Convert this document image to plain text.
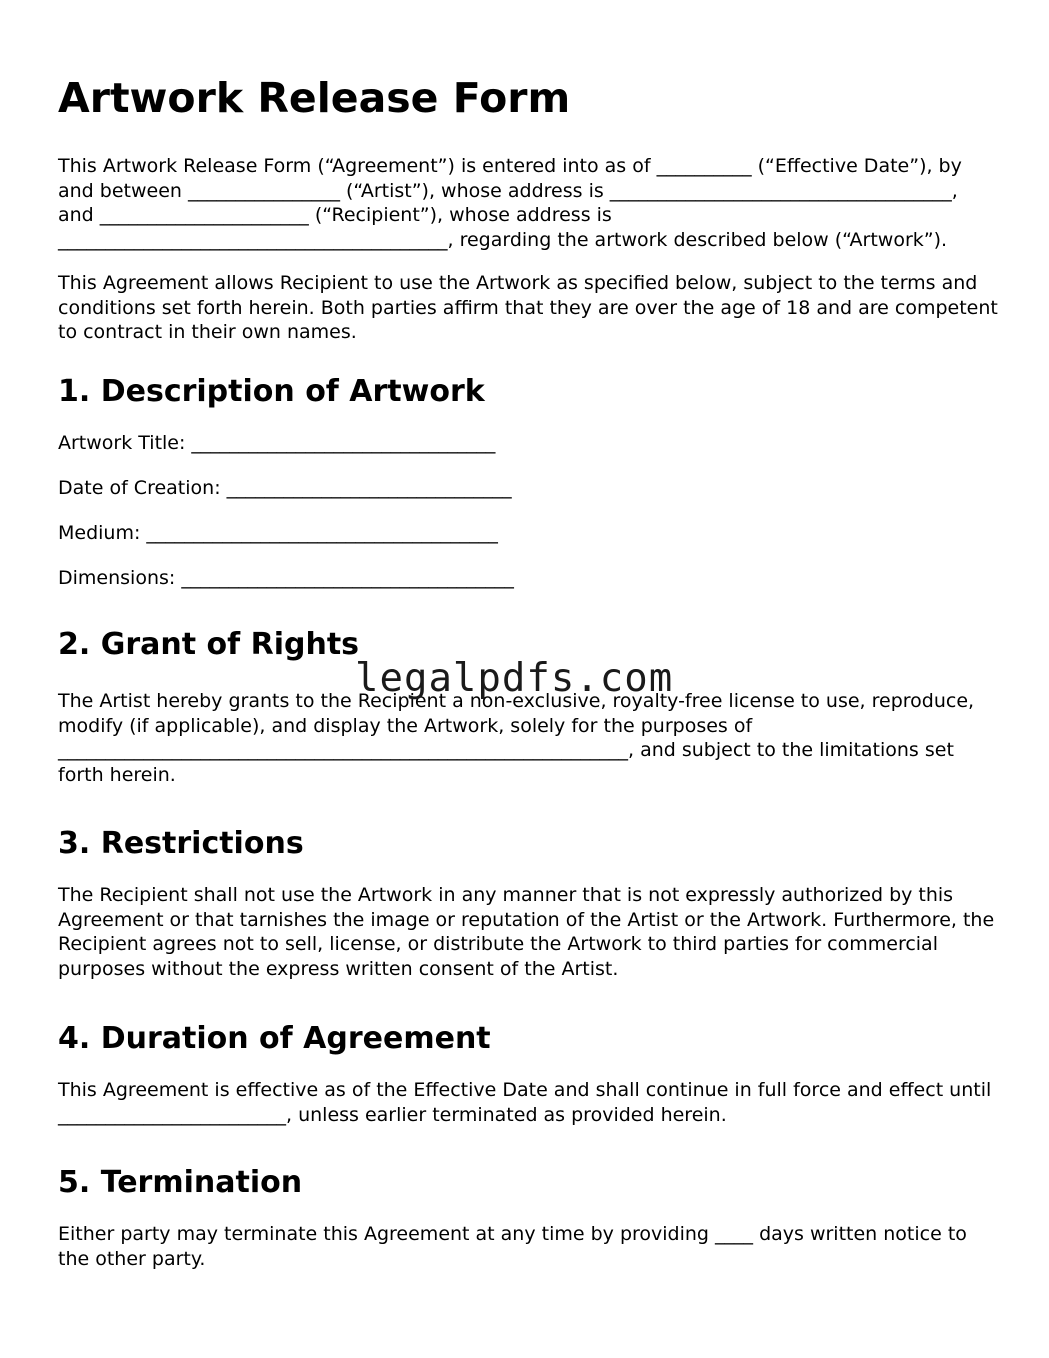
Artwork Release Form

This Artwork Release Form (“Agreement”) is entered into as of __________ (“Effective Date”), by and between ________________ (“Artist”), whose address is ____________________________________, and ______________________ (“Recipient”), whose address is _________________________________________, regarding the artwork described below (“Artwork”).

This Agreement allows Recipient to use the Artwork as specified below, subject to the terms and conditions set forth herein. Both parties affirm that they are over the age of 18 and are competent to contract in their own names.

1. Description of Artwork
Artwork Title: ________________________________
Date of Creation: ______________________________
Medium: _____________________________________
Dimensions: ___________________________________
2. Grant of Rights

The Artist hereby grants to the Recipient a non-exclusive, royalty-free license to use, reproduce, modify (if applicable), and display the Artwork, solely for the purposes of ____________________________________________________________, and subject to the limitations set forth herein.

3. Restrictions

The Recipient shall not use the Artwork in any manner that is not expressly authorized by this Agreement or that tarnishes the image or reputation of the Artist or the Artwork. Furthermore, the Recipient agrees not to sell, license, or distribute the Artwork to third parties for commercial purposes without the express written consent of the Artist.

4. Duration of Agreement

This Agreement is effective as of the Effective Date and shall continue in full force and effect until ________________________, unless earlier terminated as provided herein.

5. Termination

Either party may terminate this Agreement at any time by providing ____ days written notice to the other party.

legalpdfs.com
